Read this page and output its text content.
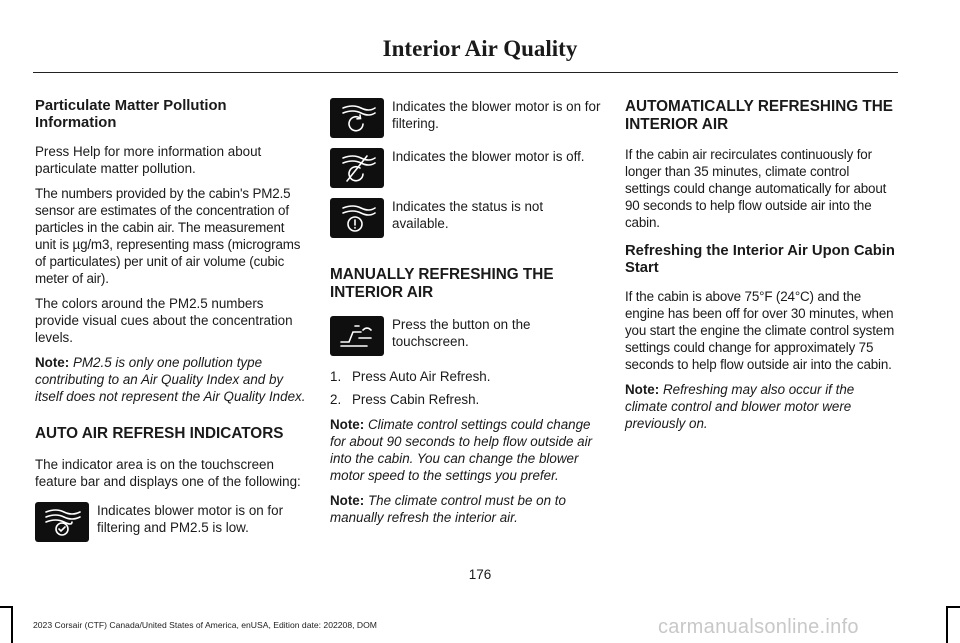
Interior Air Quality
Particulate Matter Pollution Information

Press Help for more information about particulate matter pollution.

The numbers provided by the cabin's PM2.5 sensor are estimates of the concentration of particles in the cabin air. The measurement unit is µg/m3, representing mass (micrograms of particulates) per unit of air volume (cubic meter of air).

The colors around the PM2.5 numbers provide visual cues about the concentration levels.

Note: PM2.5 is only one pollution type contributing to an Air Quality Index and by itself does not represent the Air Quality Index.

AUTO AIR REFRESH INDICATORS

The indicator area is on the touchscreen feature bar and displays one of the following:

Indicates blower motor is on for filtering and PM2.5 is low.
Indicates the blower motor is on for filtering.
Indicates the blower motor is off.
Indicates the status is not available.
MANUALLY REFRESHING THE INTERIOR AIR
Press the button on the touchscreen.
1. Press Auto Air Refresh.
2. Press Cabin Refresh.

Note: Climate control settings could change for about 90 seconds to help flow outside air into the cabin. You can change the blower motor speed to the settings you prefer.

Note: The climate control must be on to manually refresh the interior air.

AUTOMATICALLY REFRESHING THE INTERIOR AIR

If the cabin air recirculates continuously for longer than 35 minutes, climate control settings could change automatically for about 90 seconds to help flow outside air into the cabin.

Refreshing the Interior Air Upon Cabin Start

If the cabin is above 75°F (24°C) and the engine has been off for over 30 minutes, when you start the engine the climate control system settings could change for approximately 75 seconds to help flow outside air into the cabin.

Note: Refreshing may also occur if the climate control and blower motor were previously on.

176
2023 Corsair (CTF) Canada/United States of America, enUSA, Edition date: 202208, DOM	carmanualsonline.info
